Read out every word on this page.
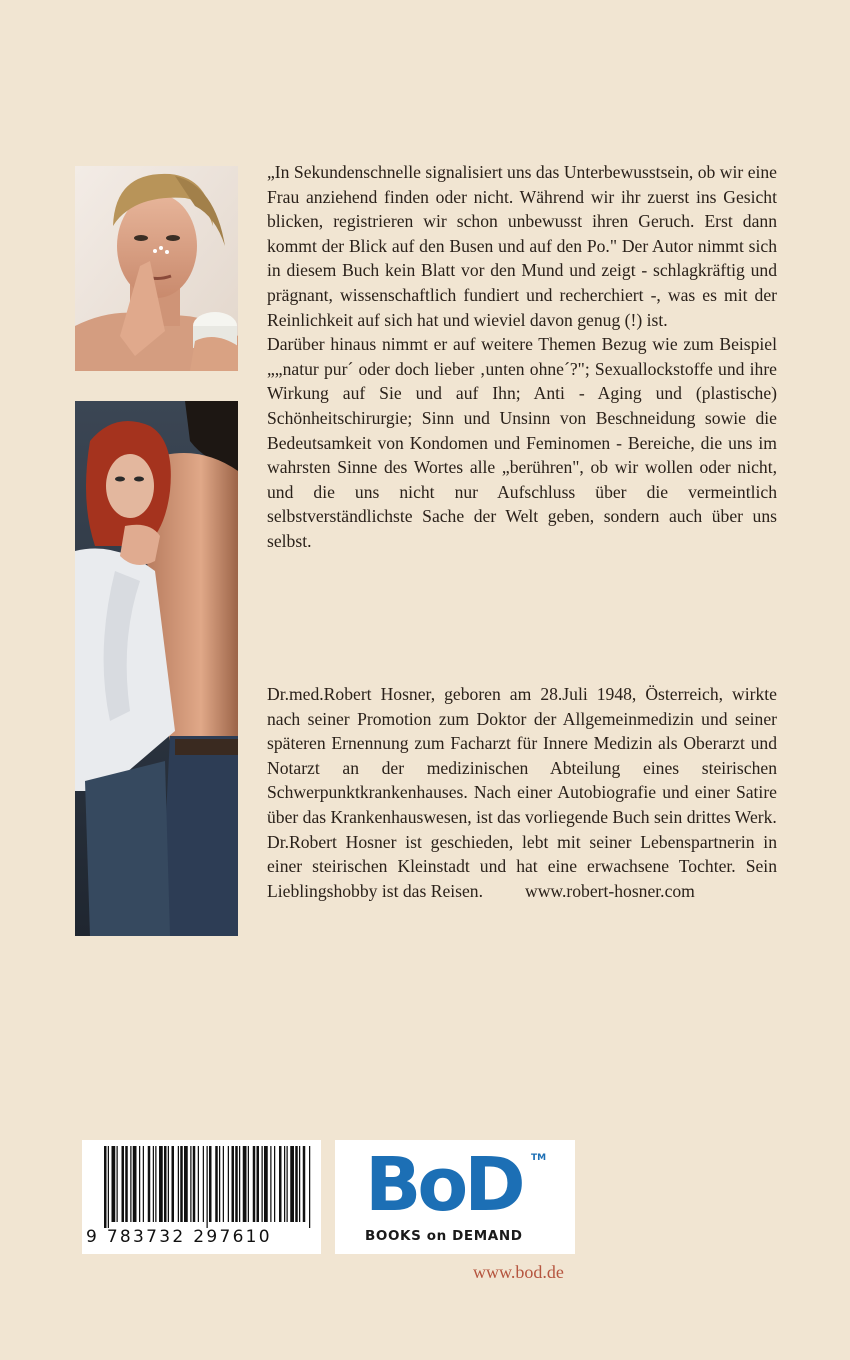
„In Sekundenschnelle signalisiert uns das Unterbewusstsein, ob wir eine Frau anziehend finden oder nicht. Während wir ihr zuerst ins Gesicht blicken, registrieren wir schon unbewusst ihren Geruch. Erst dann kommt der Blick auf den Busen und auf den Po." Der Autor nimmt sich in diesem Buch kein Blatt vor den Mund und zeigt - schlagkräftig und prägnant, wissenschaftlich fundiert und recherchiert -, was es mit der Reinlichkeit auf sich hat und wieviel davon genug (!) ist.

Darüber hinaus nimmt er auf weitere Themen Bezug wie zum Beispiel „„natur pur´ oder doch lieber ‚unten ohne´?"; Sexuallockstoffe und ihre Wirkung auf Sie und auf Ihn; Anti - Aging und (plastische) Schönheitschirurgie; Sinn und Unsinn von Beschneidung sowie die Bedeutsamkeit von Kondomen und Feminomen - Bereiche, die uns im wahrsten Sinne des Wortes alle „berühren", ob wir wollen oder nicht, und die uns nicht nur Aufschluss über die vermeintlich selbstverständlichste Sache der Welt geben, sondern auch über uns selbst.

Dr.med.Robert Hosner, geboren am 28.Juli 1948, Österreich, wirkte nach seiner Promotion zum Doktor der Allgemeinmedizin und seiner späteren Ernennung zum Facharzt für Innere Medizin als Oberarzt und Notarzt an der medizinischen Abteilung eines steirischen Schwerpunktkrankenhauses. Nach einer Autobiografie und einer Satire über das Krankenhauswesen, ist das vorliegende Buch sein drittes Werk.

Dr.Robert Hosner ist geschieden, lebt mit seiner Lebenspartnerin in einer steirischen Kleinstadt und hat eine erwachsene Tochter. Sein Lieblingshobby ist das Reisen. www.robert-hosner.com

9 783732 297610
BoD TM
BOOKS on DEMAND
www.bod.de
